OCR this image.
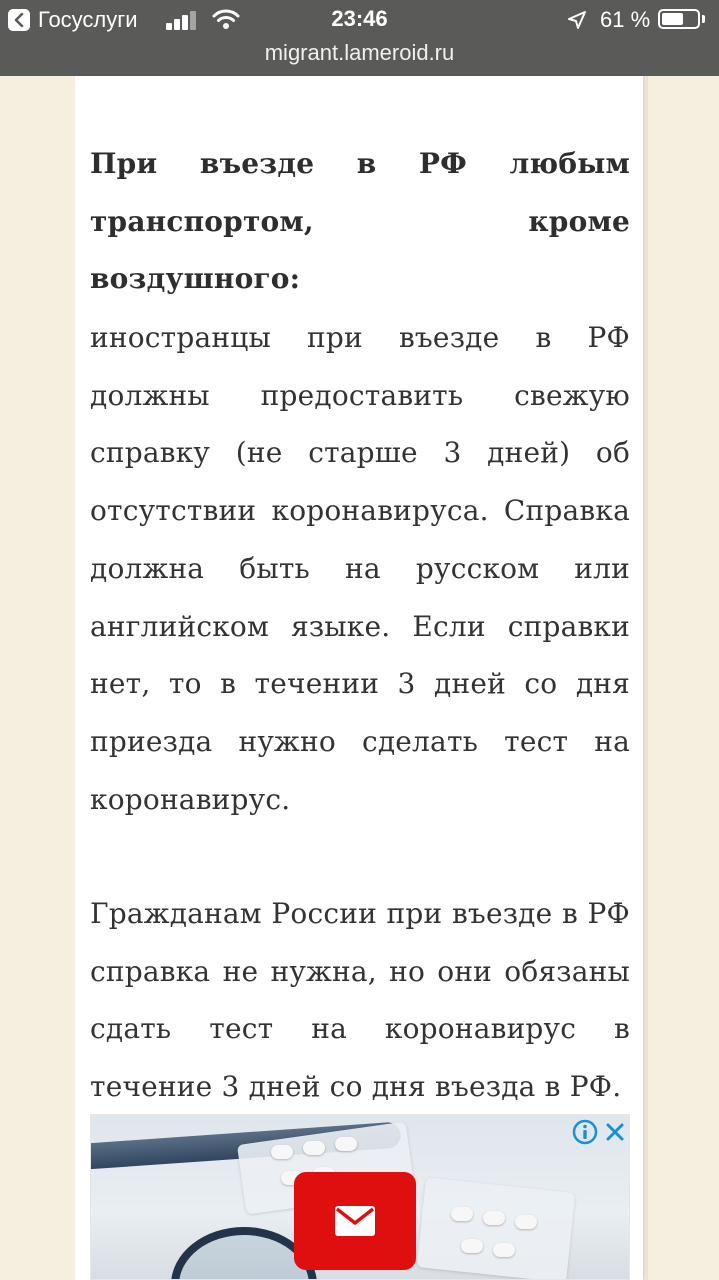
Госуслуги	23:46	61 %
migrant.lameroid.ru

При въезде в РФ любым транспортом, кроме воздушного:

иностранцы при въезде в РФ должны предоставить свежую справку (не старше 3 дней) об отсутствии коронавируса. Справка должна быть на русском или английском языке. Если справки нет, то в течении 3 дней со дня приезда нужно сделать тест на коронавирус.

Гражданам России при въезде в РФ справка не нужна, но они обязаны сдать тест на коронавирус в течение 3 дней со дня въезда в РФ.
